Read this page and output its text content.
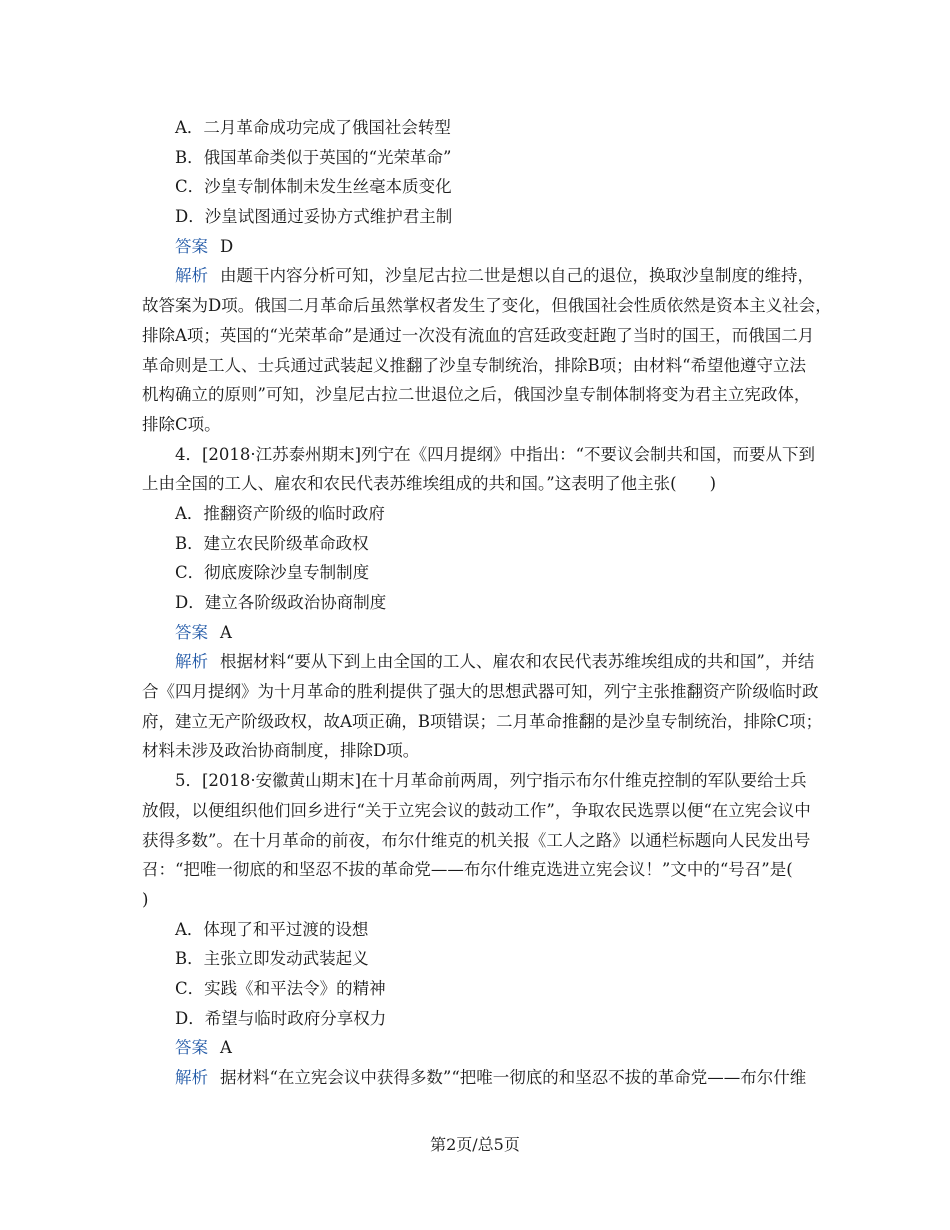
A．二月革命成功完成了俄国社会转型
B．俄国革命类似于英国的“光荣革命”
C．沙皇专制体制未发生丝毫本质变化
D．沙皇试图通过妥协方式维护君主制
答案 D
解析 由题干内容分析可知，沙皇尼古拉二世是想以自己的退位，换取沙皇制度的维持，
故答案为D项。俄国二月革命后虽然掌权者发生了变化，但俄国社会性质依然是资本主义社会，
排除A项；英国的“光荣革命”是通过一次没有流血的宫廷政变赶跑了当时的国王，而俄国二月
革命则是工人、士兵通过武装起义推翻了沙皇专制统治，排除B项；由材料“希望他遵守立法
机构确立的原则”可知，沙皇尼古拉二世退位之后，俄国沙皇专制体制将变为君主立宪政体，
排除C项。
4．[2018·江苏泰州期末]列宁在《四月提纲》中指出：“不要议会制共和国，而要从下到
上由全国的工人、雇农和农民代表苏维埃组成的共和国。”这表明了他主张(　　)
A．推翻资产阶级的临时政府
B．建立农民阶级革命政权
C．彻底废除沙皇专制制度
D．建立各阶级政治协商制度
答案 A
解析 根据材料“要从下到上由全国的工人、雇农和农民代表苏维埃组成的共和国”，并结
合《四月提纲》为十月革命的胜利提供了强大的思想武器可知，列宁主张推翻资产阶级临时政
府，建立无产阶级政权，故A项正确，B项错误；二月革命推翻的是沙皇专制统治，排除C项；
材料未涉及政治协商制度，排除D项。
5．[2018·安徽黄山期末]在十月革命前两周，列宁指示布尔什维克控制的军队要给士兵
放假，以便组织他们回乡进行“关于立宪会议的鼓动工作”，争取农民选票以便“在立宪会议中
获得多数”。在十月革命的前夜，布尔什维克的机关报《工人之路》以通栏标题向人民发出号
召：“把唯一彻底的和坚忍不拔的革命党——布尔什维克选进立宪会议！”文中的“号召”是(
)
A．体现了和平过渡的设想
B．主张立即发动武装起义
C．实践《和平法令》的精神
D．希望与临时政府分享权力
答案 A
解析 据材料“在立宪会议中获得多数”“把唯一彻底的和坚忍不拔的革命党——布尔什维
第2页/总5页
